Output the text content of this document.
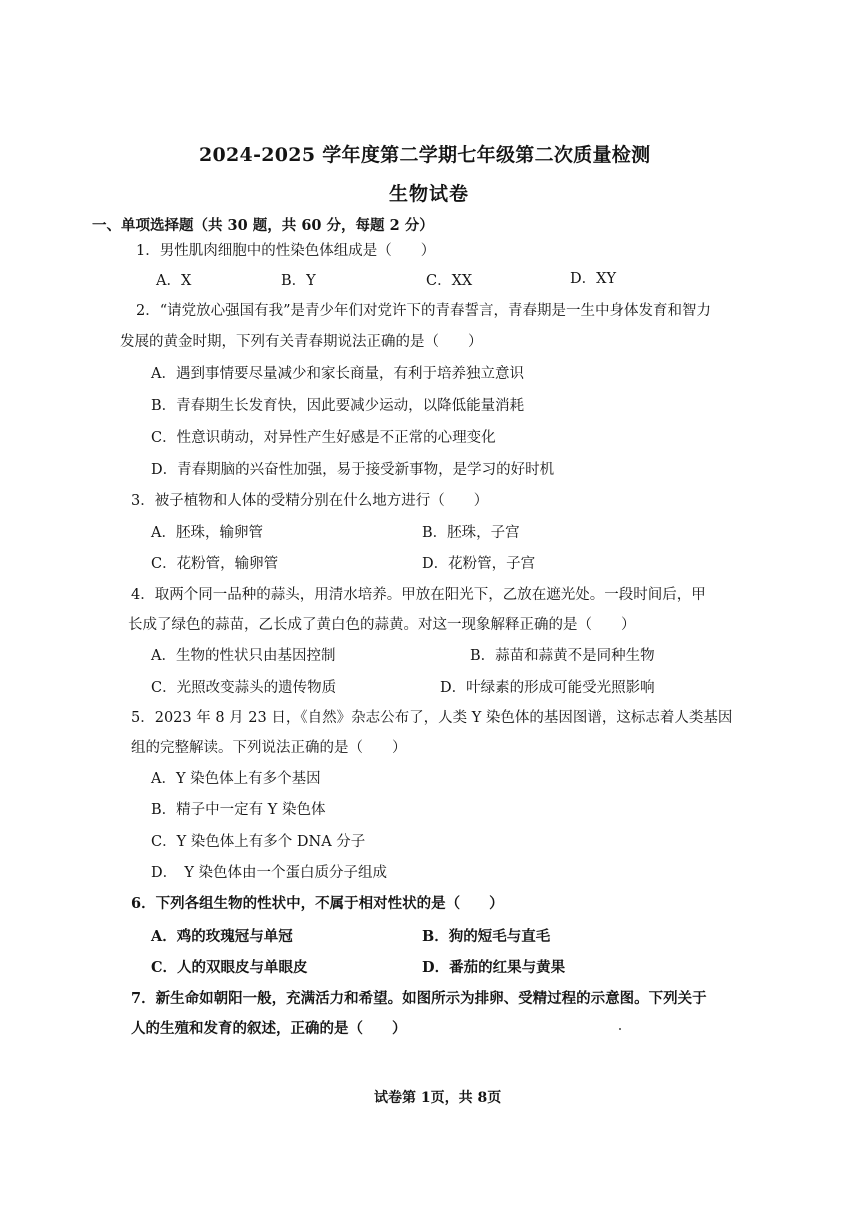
2024-2025 学年度第二学期七年级第二次质量检测
生物试卷
一、单项选择题（共 30 题，共 60 分，每题 2 分）
1．男性肌肉细胞中的性染色体组成是（　　）
A．X	B．Y	C．XX	D．XY
2．“请党放心强国有我”是青少年们对党许下的青春誓言，青春期是一生中身体发育和智力
发展的黄金时期，下列有关青春期说法正确的是（　　）
A．遇到事情要尽量减少和家长商量，有利于培养独立意识
B．青春期生长发育快，因此要减少运动，以降低能量消耗
C．性意识萌动，对异性产生好感是不正常的心理变化
D．青春期脑的兴奋性加强，易于接受新事物，是学习的好时机
3．被子植物和人体的受精分别在什么地方进行（　　）
A．胚珠，输卵管	B．胚珠，子宫
C．花粉管，输卵管	D．花粉管，子宫
4．取两个同一品种的蒜头，用清水培养。甲放在阳光下，乙放在遮光处。一段时间后，甲
长成了绿色的蒜苗，乙长成了黄白色的蒜黄。对这一现象解释正确的是（　　）
A．生物的性状只由基因控制	B．蒜苗和蒜黄不是同种生物
C．光照改变蒜头的遗传物质	D．叶绿素的形成可能受光照影响
5．2023 年 8 月 23 日，《自然》杂志公布了，人类 Y 染色体的基因图谱，这标志着人类基因
组的完整解读。下列说法正确的是（　　）
A．Y 染色体上有多个基因
B．精子中一定有 Y 染色体
C．Y 染色体上有多个 DNA 分子
D．　Y 染色体由一个蛋白质分子组成
6．下列各组生物的性状中，不属于相对性状的是（　　）
A．鸡的玫瑰冠与单冠	B．狗的短毛与直毛
C．人的双眼皮与单眼皮	D．番茄的红果与黄果
7．新生命如朝阳一般，充满活力和希望。如图所示为排卵、受精过程的示意图。下列关于
人的生殖和发育的叙述，正确的是（　　）
试卷第 1页，共 8页
